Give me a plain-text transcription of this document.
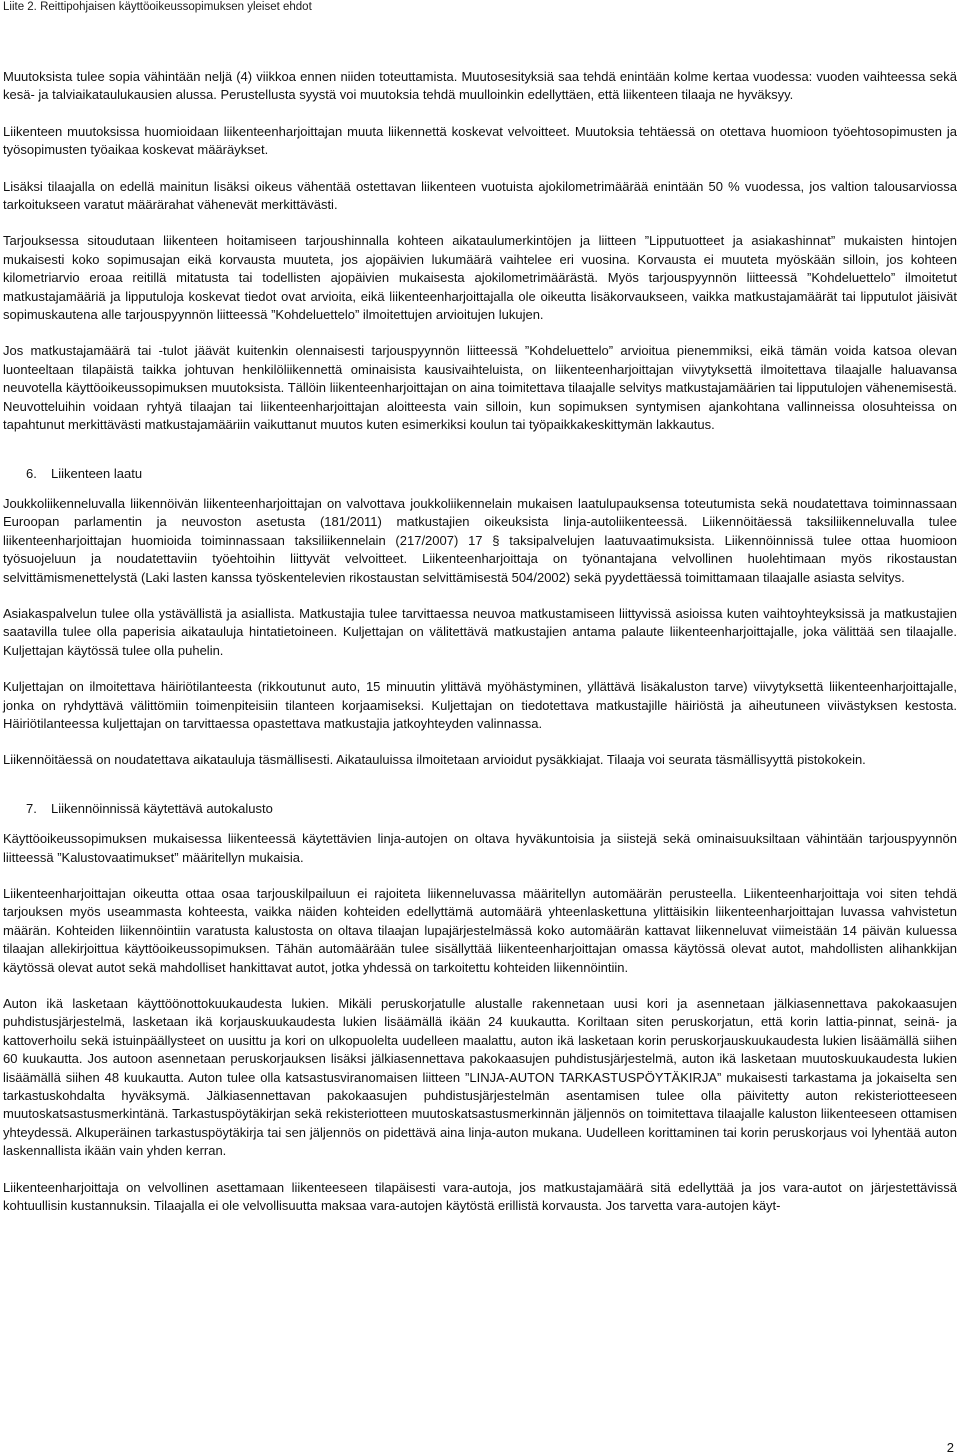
Liite 2. Reittipohjaisen käyttöoikeussopimuksen yleiset ehdot

Muutoksista tulee sopia vähintään neljä (4) viikkoa ennen niiden toteuttamista. Muutosesityksiä saa tehdä enintään kolme kertaa vuodessa: vuoden vaihteessa sekä kesä- ja talviaikataulukausien alussa. Perustellusta syystä voi muutoksia tehdä muulloinkin edellyttäen, että liikenteen tilaaja ne hyväksyy.

Liikenteen muutoksissa huomioidaan liikenteenharjoittajan muuta liikennettä koskevat velvoitteet. Muutoksia tehtäessä on otettava huomioon työehtosopimusten ja työsopimusten työaikaa koskevat määräykset.

Lisäksi tilaajalla on edellä mainitun lisäksi oikeus vähentää ostettavan liikenteen vuotuista ajokilometrimäärää enintään 50 % vuodessa, jos valtion talousarviossa tarkoitukseen varatut määrärahat vähenevät merkittävästi.

Tarjouksessa sitoudutaan liikenteen hoitamiseen tarjoushinnalla kohteen aikataulumerkintöjen ja liitteen ”Lipputuotteet ja asiakashinnat” mukaisten hintojen mukaisesti koko sopimusajan eikä korvausta muuteta, jos ajopäivien lukumäärä vaihtelee eri vuosina. Korvausta ei muuteta myöskään silloin, jos kohteen kilometriarvio eroaa reitillä mitatusta tai todellisten ajopäivien mukaisesta ajokilometrimäärästä. Myös tarjouspyynnön liitteessä ”Kohdeluettelo” ilmoitetut matkustajamääriä ja lipputuloja koskevat tiedot ovat arvioita, eikä liikenteenharjoittajalla ole oikeutta lisäkorvaukseen, vaikka matkustajamäärät tai lipputulot jäisivät sopimuskautena alle tarjouspyynnön liitteessä ”Kohdeluettelo” ilmoitettujen arvioitujen lukujen.

Jos matkustajamäärä tai -tulot jäävät kuitenkin olennaisesti tarjouspyynnön liitteessä ”Kohdeluettelo” arvioitua pienemmiksi, eikä tämän voida katsoa olevan luonteeltaan tilapäistä taikka johtuvan henkilöliikennettä ominaisista kausivaihteluista, on liikenteenharjoittajan viivytyksettä ilmoitettava tilaajalle haluavansa neuvotella käyttöoikeussopimuksen muutoksista. Tällöin liikenteenharjoittajan on aina toimitettava tilaajalle selvitys matkustajamäärien tai lipputulojen vähenemisestä. Neuvotteluihin voidaan ryhtyä tilaajan tai liikenteenharjoittajan aloitteesta vain silloin, kun sopimuksen syntymisen ajankohtana vallinneissa olosuhteissa on tapahtunut merkittävästi matkustajamääriin vaikuttanut muutos kuten esimerkiksi koulun tai työpaikkakeskittymän lakkautus.

6. Liikenteen laatu

Joukkoliikenneluvalla liikennöivän liikenteenharjoittajan on valvottava joukkoliikennelain mukaisen laatulupauksensa toteutumista sekä noudatettava toiminnassaan Euroopan parlamentin ja neuvoston asetusta (181/2011) matkustajien oikeuksista linja-autoliikenteessä. Liikennöitäessä taksiliikenneluvalla tulee liikenteenharjoittajan huomioida toiminnassaan taksiliikennelain (217/2007) 17 § taksipalvelujen laatuvaatimuksista. Liikennöinnissä tulee ottaa huomioon työsuojeluun ja noudatettaviin työehtoihin liittyvät velvoitteet. Liikenteenharjoittaja on työnantajana velvollinen huolehtimaan myös rikostaustan selvittämismenettelystä (Laki lasten kanssa työskentelevien rikostaustan selvittämisestä 504/2002) sekä pyydettäessä toimittamaan tilaajalle asiasta selvitys.

Asiakaspalvelun tulee olla ystävällistä ja asiallista. Matkustajia tulee tarvittaessa neuvoa matkustamiseen liittyvissä asioissa kuten vaihtoyhteyksissä ja matkustajien saatavilla tulee olla paperisia aikatauluja hintatietoineen. Kuljettajan on välitettävä matkustajien antama palaute liikenteenharjoittajalle, joka välittää sen tilaajalle. Kuljettajan käytössä tulee olla puhelin.

Kuljettajan on ilmoitettava häiriötilanteesta (rikkoutunut auto, 15 minuutin ylittävä myöhästyminen, yllättävä lisäkaluston tarve) viivytyksettä liikenteenharjoittajalle, jonka on ryhdyttävä välittömiin toimenpiteisiin tilanteen korjaamiseksi. Kuljettajan on tiedotettava matkustajille häiriöstä ja aiheutuneen viivästyksen kestosta. Häiriötilanteessa kuljettajan on tarvittaessa opastettava matkustajia jatkoyhteyden valinnassa.

Liikennöitäessä on noudatettava aikatauluja täsmällisesti. Aikatauluissa ilmoitetaan arvioidut pysäkkiajat. Tilaaja voi seurata täsmällisyyttä pistokokein.

7. Liikennöinnissä käytettävä autokalusto

Käyttöoikeussopimuksen mukaisessa liikenteessä käytettävien linja-autojen on oltava hyväkuntoisia ja siistejä sekä ominaisuuksiltaan vähintään tarjouspyynnön liitteessä ”Kalustovaatimukset” määritellyn mukaisia.

Liikenteenharjoittajan oikeutta ottaa osaa tarjouskilpailuun ei rajoiteta liikenneluvassa määritellyn automäärän perusteella. Liikenteenharjoittaja voi siten tehdä tarjouksen myös useammasta kohteesta, vaikka näiden kohteiden edellyttämä automäärä yhteenlaskettuna ylittäisikin liikenteenharjoittajan luvassa vahvistetun määrän. Kohteiden liikennöintiin varatusta kalustosta on oltava tilaajan lupajärjestelmässä koko automäärän kattavat liikenneluvat viimeistään 14 päivän kuluessa tilaajan allekirjoittua käyttöoikeussopimuksen. Tähän automäärään tulee sisällyttää liikenteenharjoittajan omassa käytössä olevat autot, mahdollisten alihankkijan käytössä olevat autot sekä mahdolliset hankittavat autot, jotka yhdessä on tarkoitettu kohteiden liikennöintiin.

Auton ikä lasketaan käyttöönottokuukaudesta lukien. Mikäli peruskorjatulle alustalle rakennetaan uusi kori ja asennetaan jälkiasennettava pakokaasujen puhdistusjärjestelmä, lasketaan ikä korjauskuukaudesta lukien lisäämällä ikään 24 kuukautta. Koriltaan siten peruskorjatun, että korin lattia-pinnat, seinä- ja kattoverhoilu sekä istuinpäällysteet on uusittu ja kori on ulkopuolelta uudelleen maalattu, auton ikä lasketaan korin peruskorjauskuukaudesta lukien lisäämällä siihen 60 kuukautta. Jos autoon asennetaan peruskorjauksen lisäksi jälkiasennettava pakokaasujen puhdistusjärjestelmä, auton ikä lasketaan muutoskuukaudesta lukien lisäämällä siihen 48 kuukautta. Auton tulee olla katsastusviranomaisen liitteen ”LINJA-AUTON TARKASTUSPÖYTÄKIRJA” mukaisesti tarkastama ja jokaiselta sen tarkastuskohdalta hyväksymä. Jälkiasennettavan pakokaasujen puhdistusjärjestelmän asentamisen tulee olla päivitetty auton rekisteriotteeseen muutoskatsastusmerkintänä. Tarkastuspöytäkirjan sekä rekisteriotteen muutoskatsastusmerkinnän jäljennös on toimitettava tilaajalle kaluston liikenteeseen ottamisen yhteydessä. Alkuperäinen tarkastuspöytäkirja tai sen jäljennös on pidettävä aina linja-auton mukana. Uudelleen korittaminen tai korin peruskorjaus voi lyhentää auton laskennallista ikään vain yhden kerran.

Liikenteenharjoittaja on velvollinen asettamaan liikenteeseen tilapäisesti vara-autoja, jos matkustajamäärä sitä edellyttää ja jos vara-autot on järjestettävissä kohtuullisin kustannuksin. Tilaajalla ei ole velvollisuutta maksaa vara-autojen käytöstä erillistä korvausta. Jos tarvetta vara-autojen käyt-

2
